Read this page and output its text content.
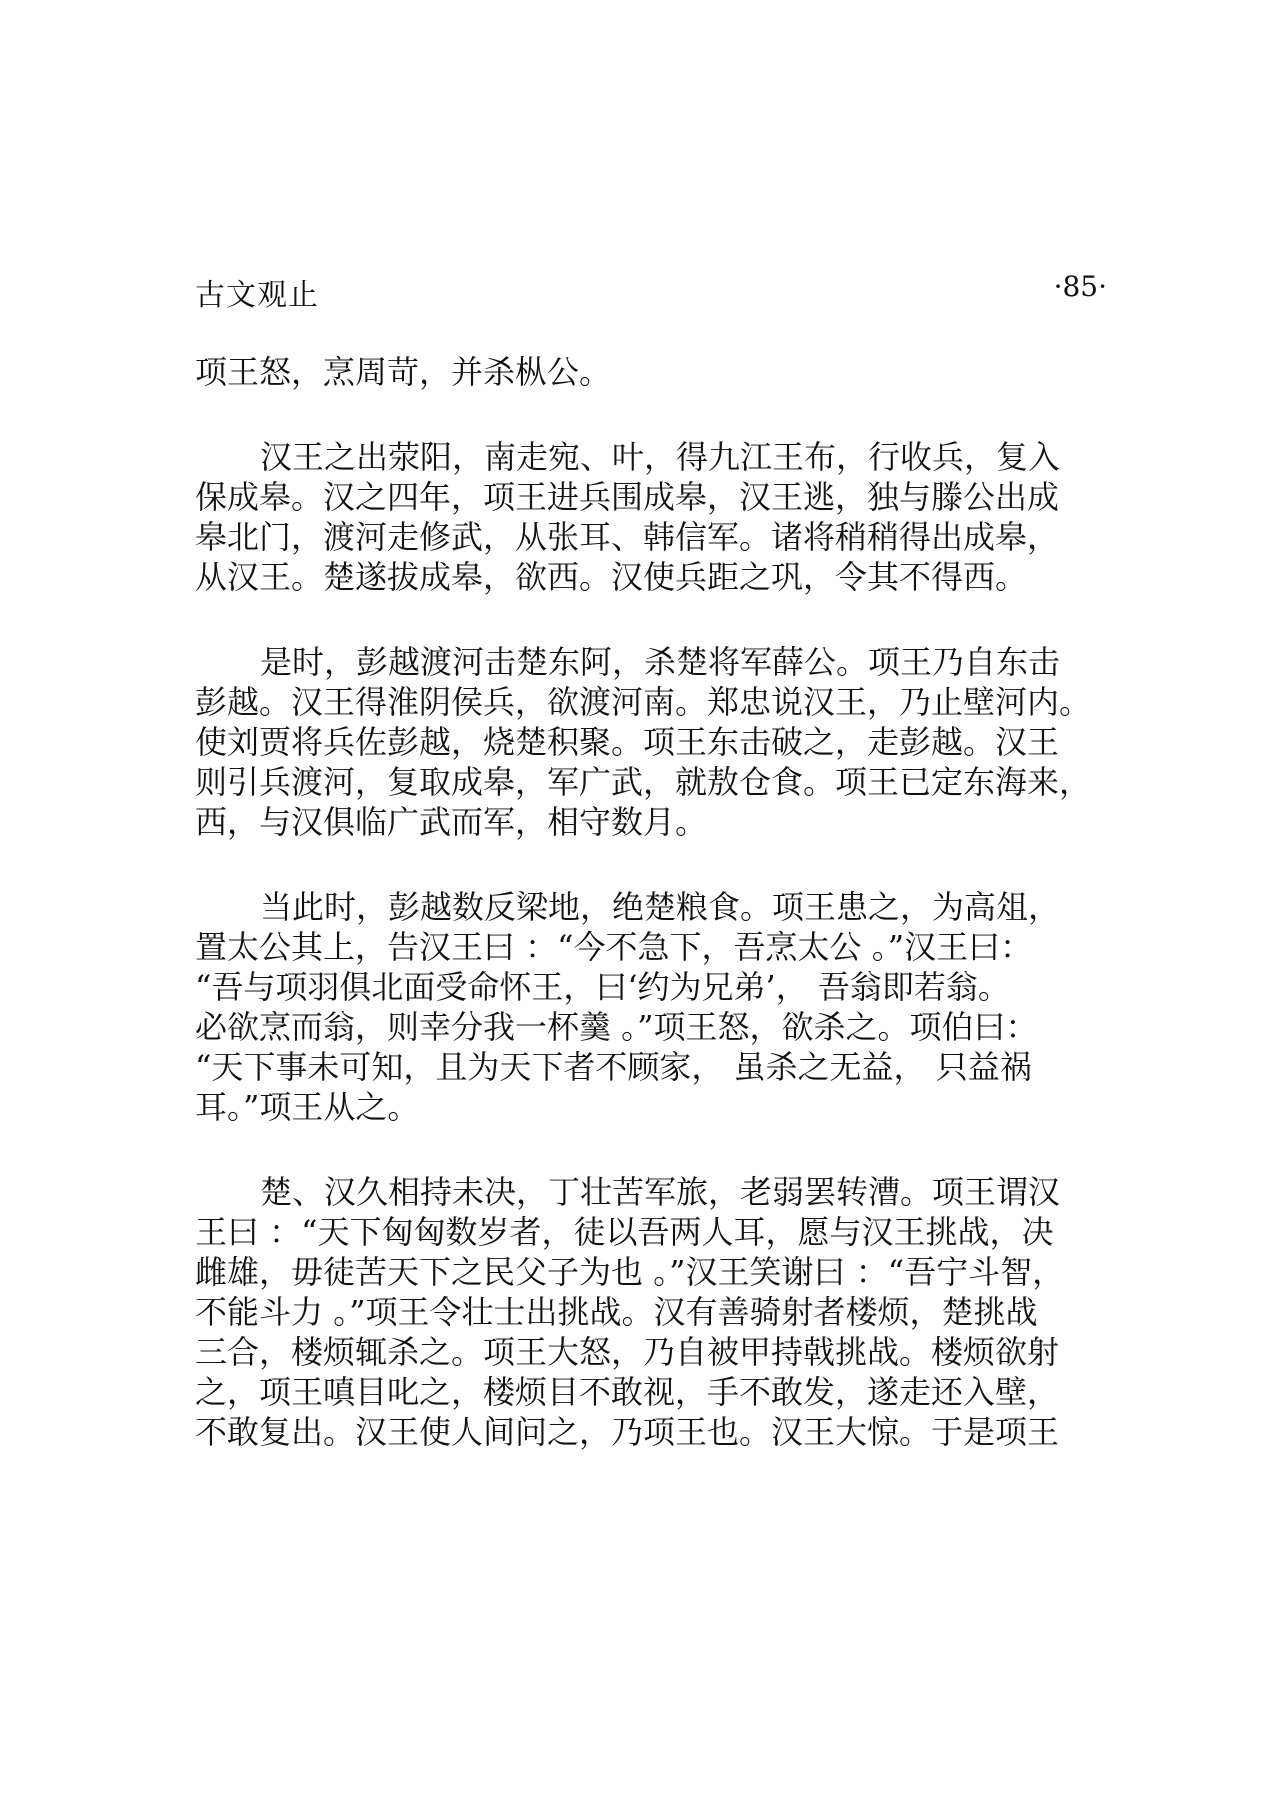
古文观止	·85·
项王怒，烹周苛，并杀枞公。
汉王之出荥阳，南走宛、叶，得九江王布，行收兵，复入
保成皋。汉之四年，项王进兵围成皋，汉王逃，独与滕公出成
皋北门，渡河走修武，从张耳、韩信军。诸将稍稍得出成皋，
从汉王。楚遂拔成皋，欲西。汉使兵距之巩，令其不得西。
是时，彭越渡河击楚东阿，杀楚将军薛公。项王乃自东击
彭越。汉王得淮阴侯兵，欲渡河南。郑忠说汉王，乃止壁河内。
使刘贾将兵佐彭越，烧楚积聚。项王东击破之，走彭越。汉王
则引兵渡河，复取成皋，军广武，就敖仓食。项王已定东海来，
西，与汉俱临广武而军，相守数月。
当此时，彭越数反梁地，绝楚粮食。项王患之，为高俎，
置太公其上，告汉王曰 ：“今不急下，吾烹太公 。”汉王曰：
“吾与项羽俱北面受命怀王，曰‘约为兄弟’， 吾翁即若翁。
必欲烹而翁，则幸分我一杯羹 。”项王怒，欲杀之。项伯曰：
“天下事未可知，且为天下者不顾家， 虽杀之无益， 只益祸
耳。”项王从之。
楚、汉久相持未决，丁壮苦军旅，老弱罢转漕。项王谓汉
王曰 ：“天下匈匈数岁者，徒以吾两人耳，愿与汉王挑战，决
雌雄，毋徒苦天下之民父子为也 。”汉王笑谢曰 ：“吾宁斗智，
不能斗力 。”项王令壮士出挑战。汉有善骑射者楼烦，楚挑战
三合，楼烦辄杀之。项王大怒，乃自被甲持戟挑战。楼烦欲射
之，项王嗔目叱之，楼烦目不敢视，手不敢发，遂走还入壁，
不敢复出。汉王使人间问之，乃项王也。汉王大惊。于是项王
